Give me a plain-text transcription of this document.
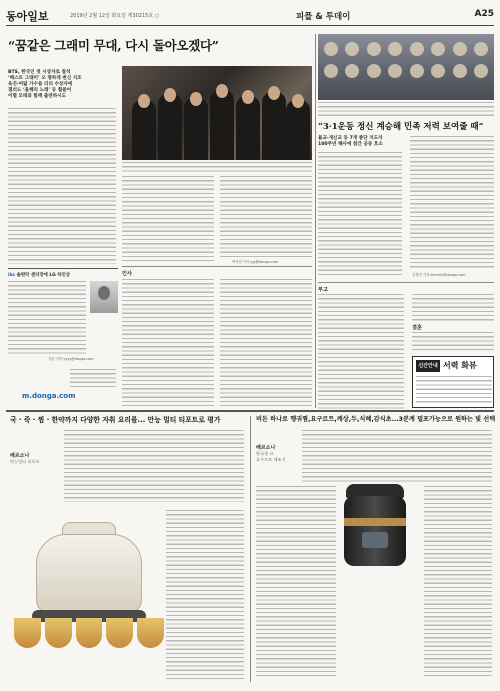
동아일보	2019년 2월 12일 화요일 제30215호 ○	피플 & 투데이	A25
“꿈같은 그래미 무대, 다시 돌아오겠다”
BTS, 한국인 첫 시상자로 참석
‘베스트 그래미’ 오 명하게 변신 지조
육진·여덟 가수들 더러 수상자에
갤러드 ‘올해의 노래’ 등 휩쓸어
이별 모테와 함께 출연하시도
박지연 기자 pjy@donga.com
“3·1운동 정신 계승해 민족 저력 보여줄 때”
불교·개신교 등 7개 종단 지도자
100주년 해사에 참간 공동 호소
김정연 기자 kimmin@donga.com
iks 솔편악 센터장에 LG 하인상
김문 기자 yyyy@donga.com
m.donga.com
인사
부고
결혼
신간안내 서력 화뷰
국 · 죽 · 찜 · 한약까지 다양한 자취 요리를... 만능 멀티 티포트로 평가
배르소나
만능멀티 티포트
비돈 하나로 행궈찜,요구르트,깨상,두,식혜,감식초...3분계 멀포가능으로 원하는 빛 선택
배르소나
한국형 요
요구르트 제조기
